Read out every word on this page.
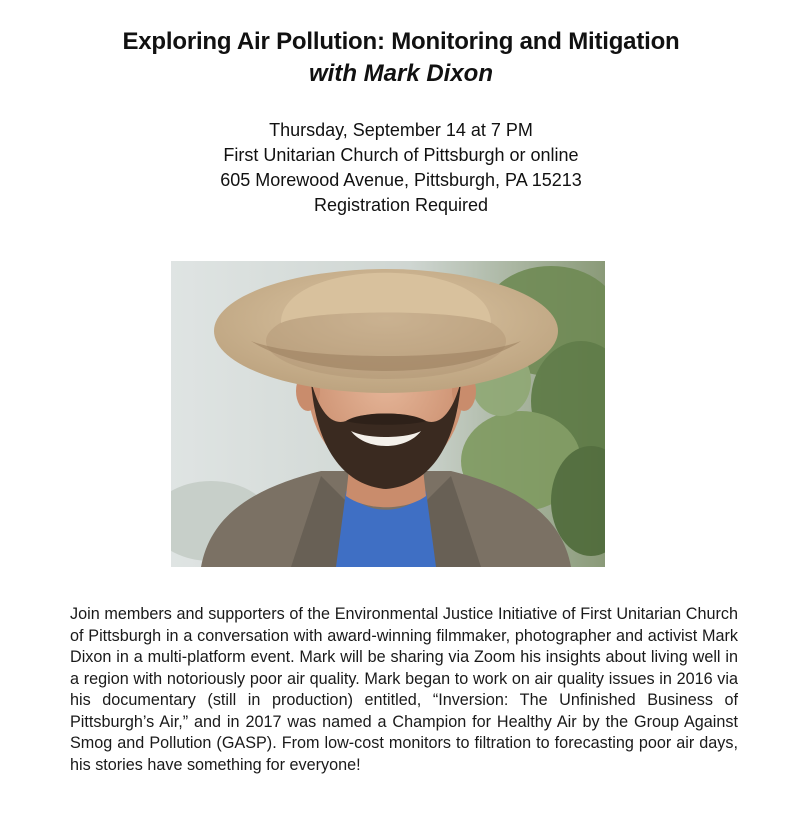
Exploring Air Pollution: Monitoring and Mitigation
with Mark Dixon
Thursday, September 14 at 7 PM
First Unitarian Church of Pittsburgh or online
605 Morewood Avenue, Pittsburgh, PA 15213
Registration Required
Join members and supporters of the Environmental Justice Initiative of First Unitarian Church of Pittsburgh in a conversation with award-winning filmmaker, photographer and activist Mark Dixon in a multi-platform event. Mark will be sharing via Zoom his insights about living well in a region with notoriously poor air quality. Mark began to work on air quality issues in 2016 via his documentary (still in production) entitled, “Inversion: The Unfinished Business of Pittsburgh’s Air,” and in 2017 was named a Champion for Healthy Air by the Group Against Smog and Pollution (GASP). From low-cost monitors to filtration to forecasting poor air days, his stories have something for everyone!
